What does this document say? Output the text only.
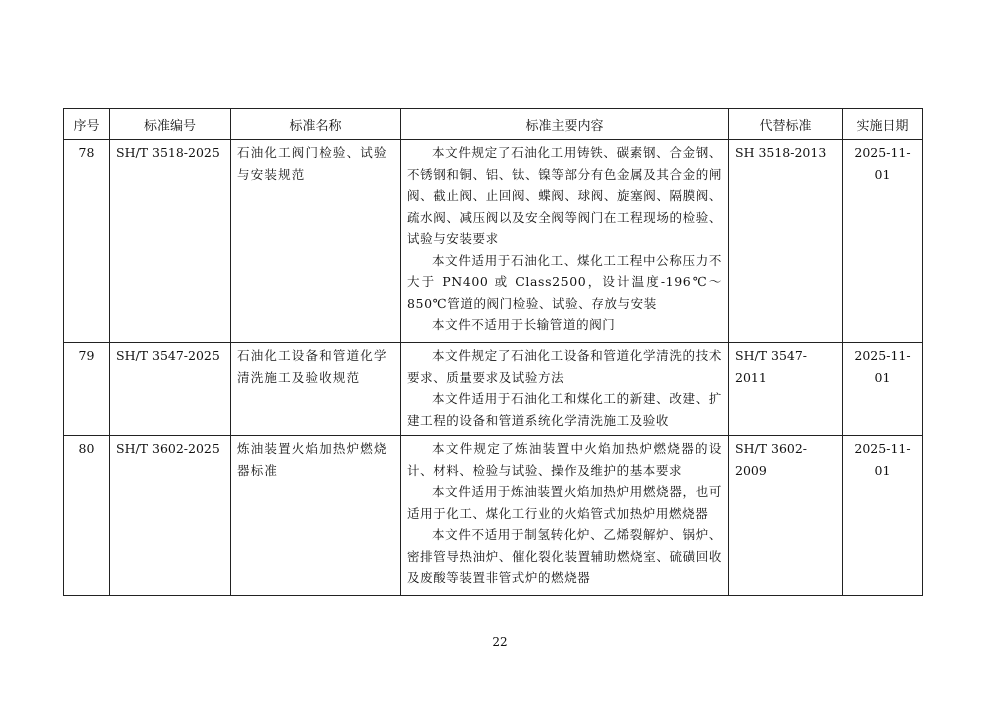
序号	标准编号	标准名称	标准主要内容	代替标准	实施日期
78	SH/T 3518-2025	石油化工阀门检验、试验与安装规范	本文件规定了石油化工用铸铁、碳素钢、合金钢、不锈钢和铜、铝、钛、镍等部分有色金属及其合金的闸阀、截止阀、止回阀、蝶阀、球阀、旋塞阀、隔膜阀、疏水阀、减压阀以及安全阀等阀门在工程现场的检验、试验与安装要求

本文件适用于石油化工、煤化工工程中公称压力不大于 PN400 或 Class2500，设计温度-196℃～850℃管道的阀门检验、试验、存放与安装

本文件不适用于长输管道的阀门	SH 3518-2013	2025-11-01
79	SH/T 3547-2025	石油化工设备和管道化学清洗施工及验收规范	本文件规定了石油化工设备和管道化学清洗的技术要求、质量要求及试验方法

本文件适用于石油化工和煤化工的新建、改建、扩建工程的设备和管道系统化学清洗施工及验收	SH/T 3547-2011	2025-11-01
80	SH/T 3602-2025	炼油装置火焰加热炉燃烧器标准	本文件规定了炼油装置中火焰加热炉燃烧器的设计、材料、检验与试验、操作及维护的基本要求

本文件适用于炼油装置火焰加热炉用燃烧器，也可适用于化工、煤化工行业的火焰管式加热炉用燃烧器

本文件不适用于制氢转化炉、乙烯裂解炉、锅炉、密排管导热油炉、催化裂化装置辅助燃烧室、硫磺回收及废酸等装置非管式炉的燃烧器	SH/T 3602-2009	2025-11-01
22
